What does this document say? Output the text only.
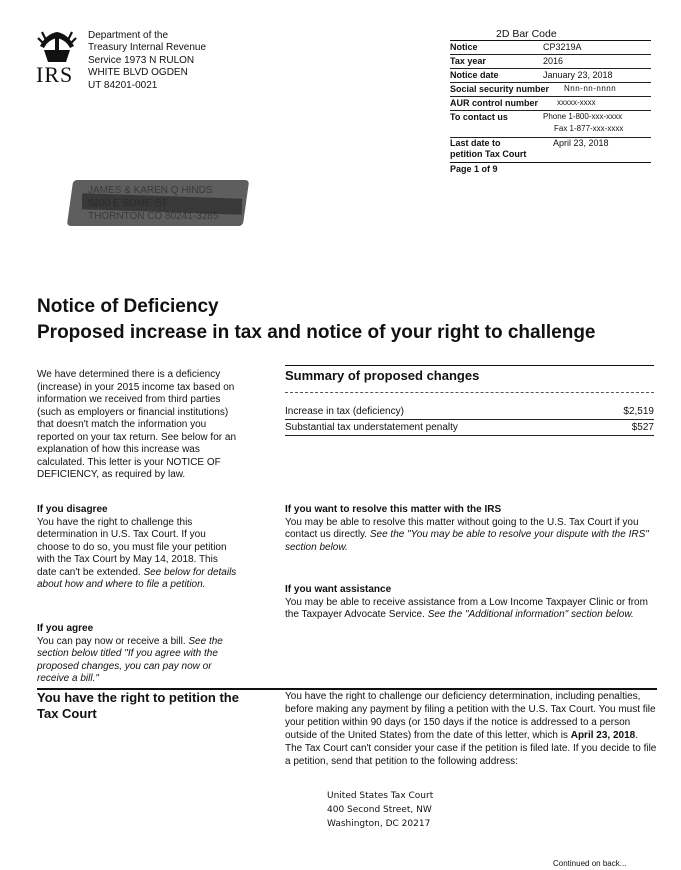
IRS
Department of the
Treasury Internal Revenue
Service 1973 N RULON
WHITE BLVD OGDEN
UT 84201-0021
2D Bar Code
Notice	CP3219A
Tax year	2016
Notice date	January 23, 2018
Social security number	Nnn-nn-nnnn
AUR control number	xxxxx-xxxx
To contact us	Phone 1-800-xxx-xxxx
Fax 1-877-xxx-xxxx
Last date to
petition Tax Court
April 23, 2018
Page 1 of 9
Notice of Deficiency
Proposed increase in tax and notice of your right to challenge
We have determined there is a deficiency (increase) in your 2015 income tax based on information we received from third parties (such as employers or financial institutions) that doesn't match the information you reported on your tax return. See below for an explanation of how this increase was calculated. This letter is your NOTICE OF DEFICIENCY, as required by law.
If you disagree
You have the right to challenge this determination in U.S. Tax Court. If you choose to do so, you must file your petition with the Tax Court by May 14, 2018. This date can't be extended. See below for details about how and where to file a petition.
If you agree
You can pay now or receive a bill. See the section below titled "If you agree with the proposed changes, you can pay now or receive a bill."
Summary of proposed changes
Increase in tax (deficiency)	$2,519
Substantial tax understatement penalty	$527
If you want to resolve this matter with the IRS
You may be able to resolve this matter without going to the U.S. Tax Court if you contact us directly. See the "You may be able to resolve your dispute with the IRS" section below.
If you want assistance
You may be able to receive assistance from a Low Income Taxpayer Clinic or from the Taxpayer Advocate Service. See the "Additional information" section below.
You have the right to petition the Tax Court
You have the right to challenge our deficiency determination, including penalties, before making any payment by filing a petition with the U.S. Tax Court. You must file your petition within 90 days (or 150 days if the notice is addressed to a person outside of the United States) from the date of this letter, which is April 23, 2018. The Tax Court can't consider your case if the petition is filed late. If you decide to file a petition, send that petition to the following address:
United States Tax Court
400 Second Street, NW
Washington, DC 20217
Continued on back...
